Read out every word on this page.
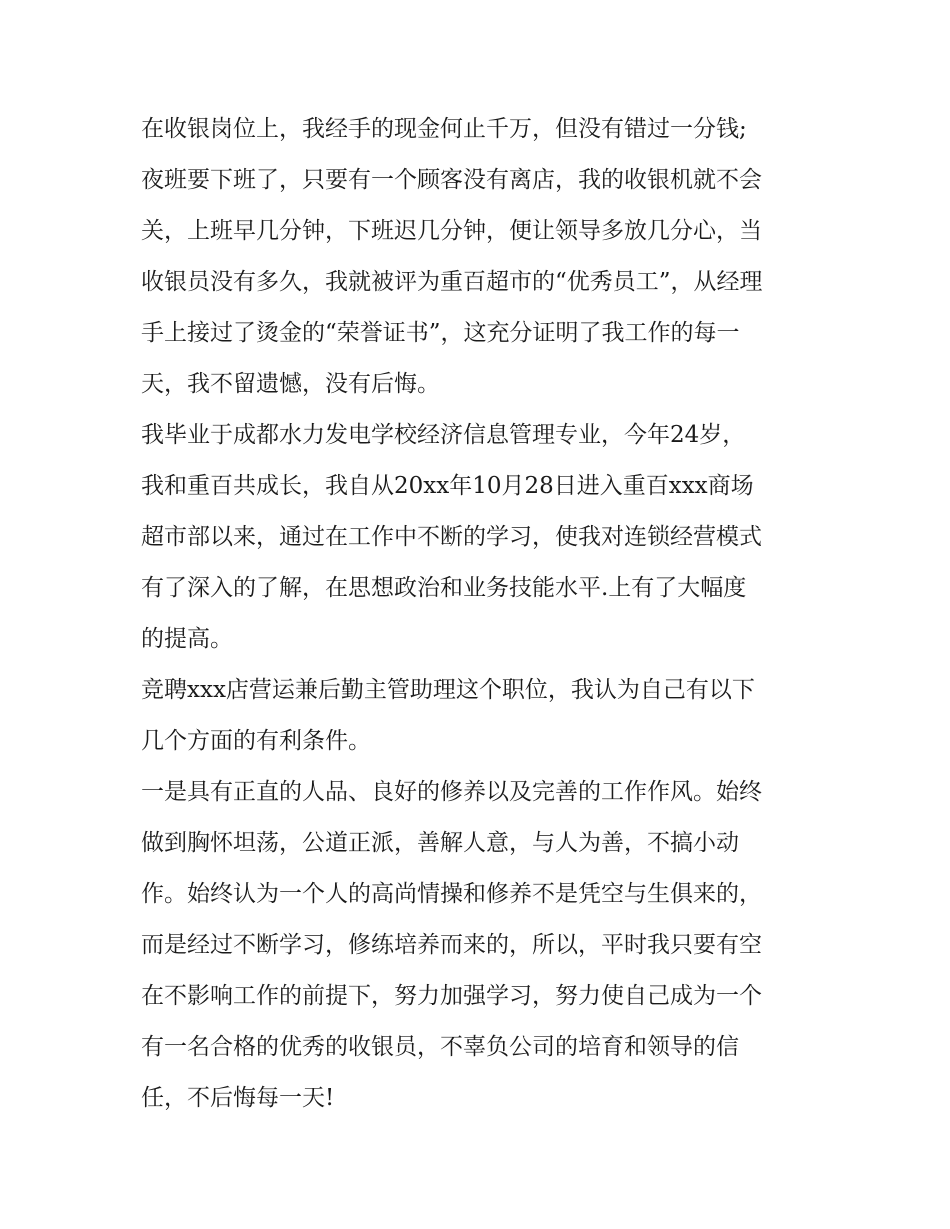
在收银岗位上，我经手的现金何止千万，但没有错过一分钱;
夜班要下班了，只要有一个顾客没有离店，我的收银机就不会
关，上班早几分钟，下班迟几分钟，便让领导多放几分心，当
收银员没有多久，我就被评为重百超市的“优秀员工”，从经理
手上接过了烫金的“荣誉证书”，这充分证明了我工作的每一
天，我不留遗憾，没有后悔。
我毕业于成都水力发电学校经济信息管理专业，今年24岁，
我和重百共成长，我自从20xx年10月28日进入重百xxx商场
超市部以来，通过在工作中不断的学习，使我对连锁经营模式
有了深入的了解，在思想政治和业务技能水平.上有了大幅度
的提高。
竞聘xxx店营运兼后勤主管助理这个职位，我认为自己有以下
几个方面的有利条件。
一是具有正直的人品、良好的修养以及完善的工作作风。始终
做到胸怀坦荡，公道正派，善解人意，与人为善，不搞小动
作。始终认为一个人的高尚情操和修养不是凭空与生俱来的，
而是经过不断学习，修练培养而来的，所以，平时我只要有空
在不影响工作的前提下，努力加强学习，努力使自己成为一个
有一名合格的优秀的收银员，不辜负公司的培育和领导的信
任，不后悔每一天!
